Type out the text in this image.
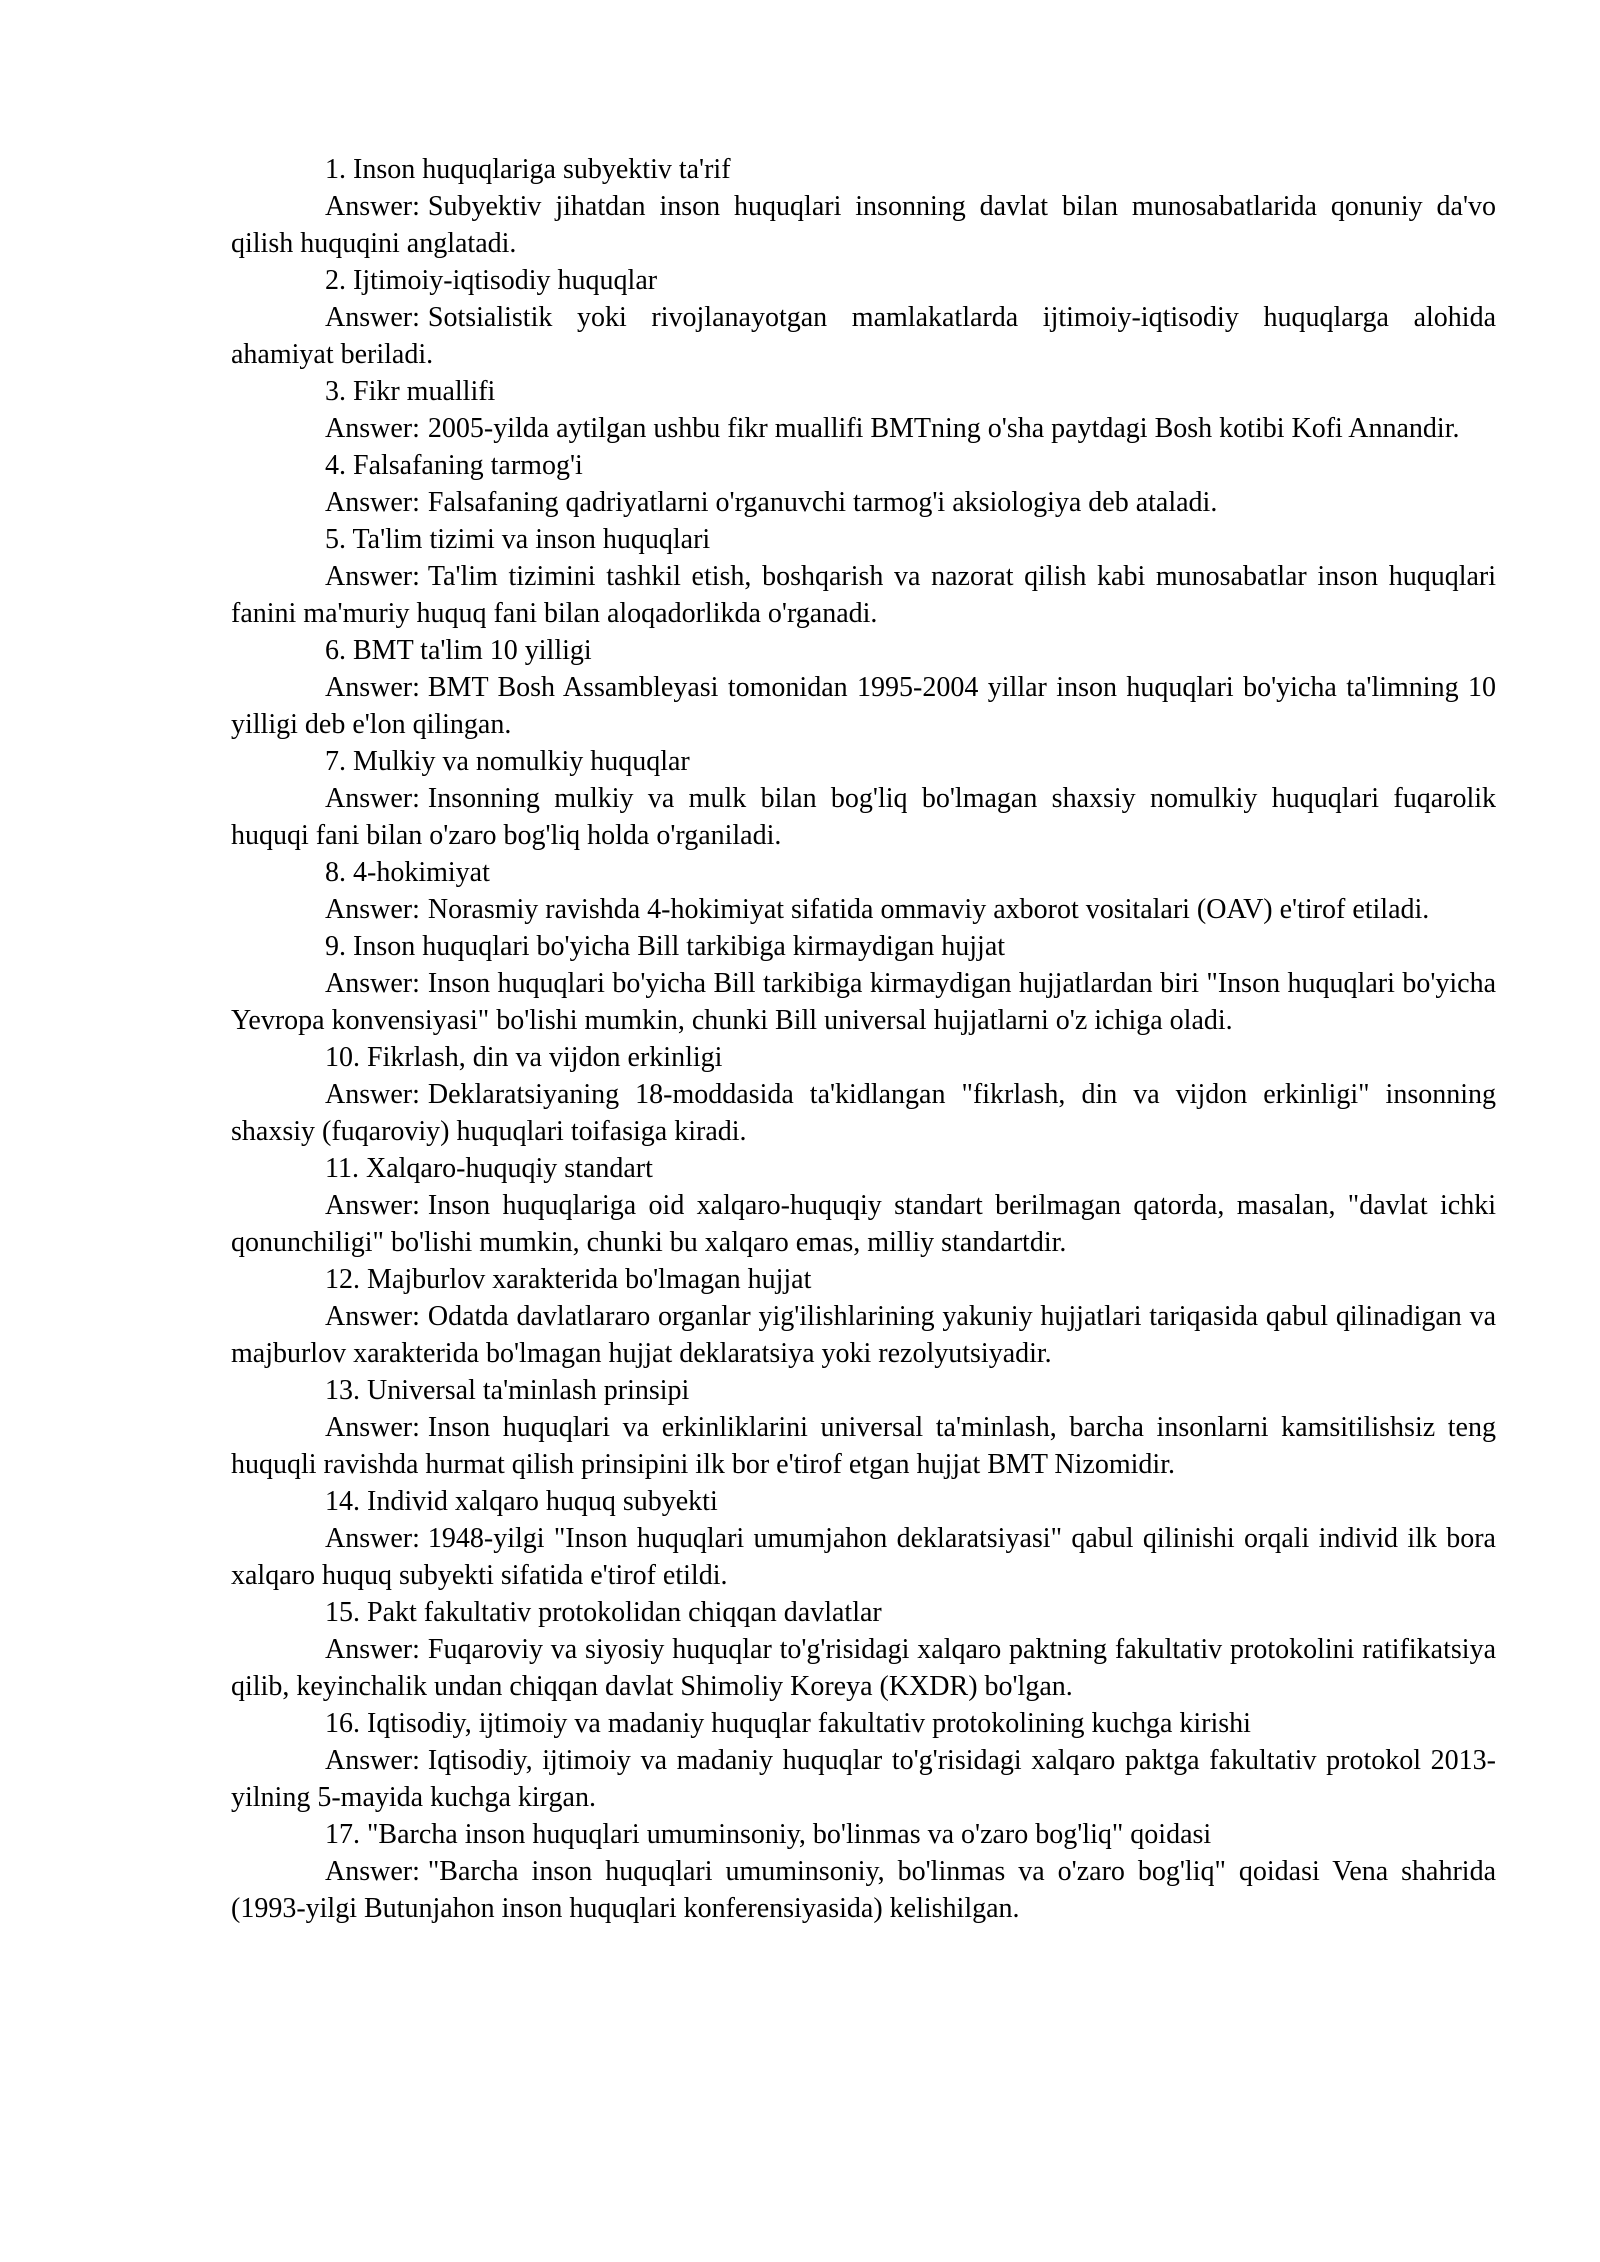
1. Inson huquqlariga subyektiv ta'rif

Answer: Subyektiv jihatdan inson huquqlari insonning davlat bilan munosabatlarida qonuniy da'vo qilish huquqini anglatadi.

2. Ijtimoiy-iqtisodiy huquqlar

Answer: Sotsialistik yoki rivojlanayotgan mamlakatlarda ijtimoiy-iqtisodiy huquqlarga alohida ahamiyat beriladi.

3. Fikr muallifi

Answer: 2005-yilda aytilgan ushbu fikr muallifi BMTning o'sha paytdagi Bosh kotibi Kofi Annandir.

4. Falsafaning tarmog'i

Answer: Falsafaning qadriyatlarni o'rganuvchi tarmog'i aksiologiya deb ataladi.

5. Ta'lim tizimi va inson huquqlari

Answer: Ta'lim tizimini tashkil etish, boshqarish va nazorat qilish kabi munosabatlar inson huquqlari fanini ma'muriy huquq fani bilan aloqadorlikda o'rganadi.

6. BMT ta'lim 10 yilligi

Answer: BMT Bosh Assambleyasi tomonidan 1995-2004 yillar inson huquqlari bo'yicha ta'limning 10 yilligi deb e'lon qilingan.

7. Mulkiy va nomulkiy huquqlar

Answer: Insonning mulkiy va mulk bilan bog'liq bo'lmagan shaxsiy nomulkiy huquqlari fuqarolik huquqi fani bilan o'zaro bog'liq holda o'rganiladi.

8. 4-hokimiyat

Answer: Norasmiy ravishda 4-hokimiyat sifatida ommaviy axborot vositalari (OAV) e'tirof etiladi.

9. Inson huquqlari bo'yicha Bill tarkibiga kirmaydigan hujjat

Answer: Inson huquqlari bo'yicha Bill tarkibiga kirmaydigan hujjatlardan biri "Inson huquqlari bo'yicha Yevropa konvensiyasi" bo'lishi mumkin, chunki Bill universal hujjatlarni o'z ichiga oladi.

10. Fikrlash, din va vijdon erkinligi

Answer: Deklaratsiyaning 18-moddasida ta'kidlangan "fikrlash, din va vijdon erkinligi" insonning shaxsiy (fuqaroviy) huquqlari toifasiga kiradi.

11. Xalqaro-huquqiy standart

Answer: Inson huquqlariga oid xalqaro-huquqiy standart berilmagan qatorda, masalan, "davlat ichki qonunchiligi" bo'lishi mumkin, chunki bu xalqaro emas, milliy standartdir.

12. Majburlov xarakterida bo'lmagan hujjat

Answer: Odatda davlatlararo organlar yig'ilishlarining yakuniy hujjatlari tariqasida qabul qilinadigan va majburlov xarakterida bo'lmagan hujjat deklaratsiya yoki rezolyutsiyadir.

13. Universal ta'minlash prinsipi

Answer: Inson huquqlari va erkinliklarini universal ta'minlash, barcha insonlarni kamsitilishsiz teng huquqli ravishda hurmat qilish prinsipini ilk bor e'tirof etgan hujjat BMT Nizomidir.

14. Individ xalqaro huquq subyekti

Answer: 1948-yilgi "Inson huquqlari umumjahon deklaratsiyasi" qabul qilinishi orqali individ ilk bora xalqaro huquq subyekti sifatida e'tirof etildi.

15. Pakt fakultativ protokolidan chiqqan davlatlar

Answer: Fuqaroviy va siyosiy huquqlar to'g'risidagi xalqaro paktning fakultativ protokolini ratifikatsiya qilib, keyinchalik undan chiqqan davlat Shimoliy Koreya (KXDR) bo'lgan.

16. Iqtisodiy, ijtimoiy va madaniy huquqlar fakultativ protokolining kuchga kirishi

Answer: Iqtisodiy, ijtimoiy va madaniy huquqlar to'g'risidagi xalqaro paktga fakultativ protokol 2013-yilning 5-mayida kuchga kirgan.

17. "Barcha inson huquqlari umuminsoniy, bo'linmas va o'zaro bog'liq" qoidasi

Answer: "Barcha inson huquqlari umuminsoniy, bo'linmas va o'zaro bog'liq" qoidasi Vena shahrida (1993-yilgi Butunjahon inson huquqlari konferensiyasida) kelishilgan.
